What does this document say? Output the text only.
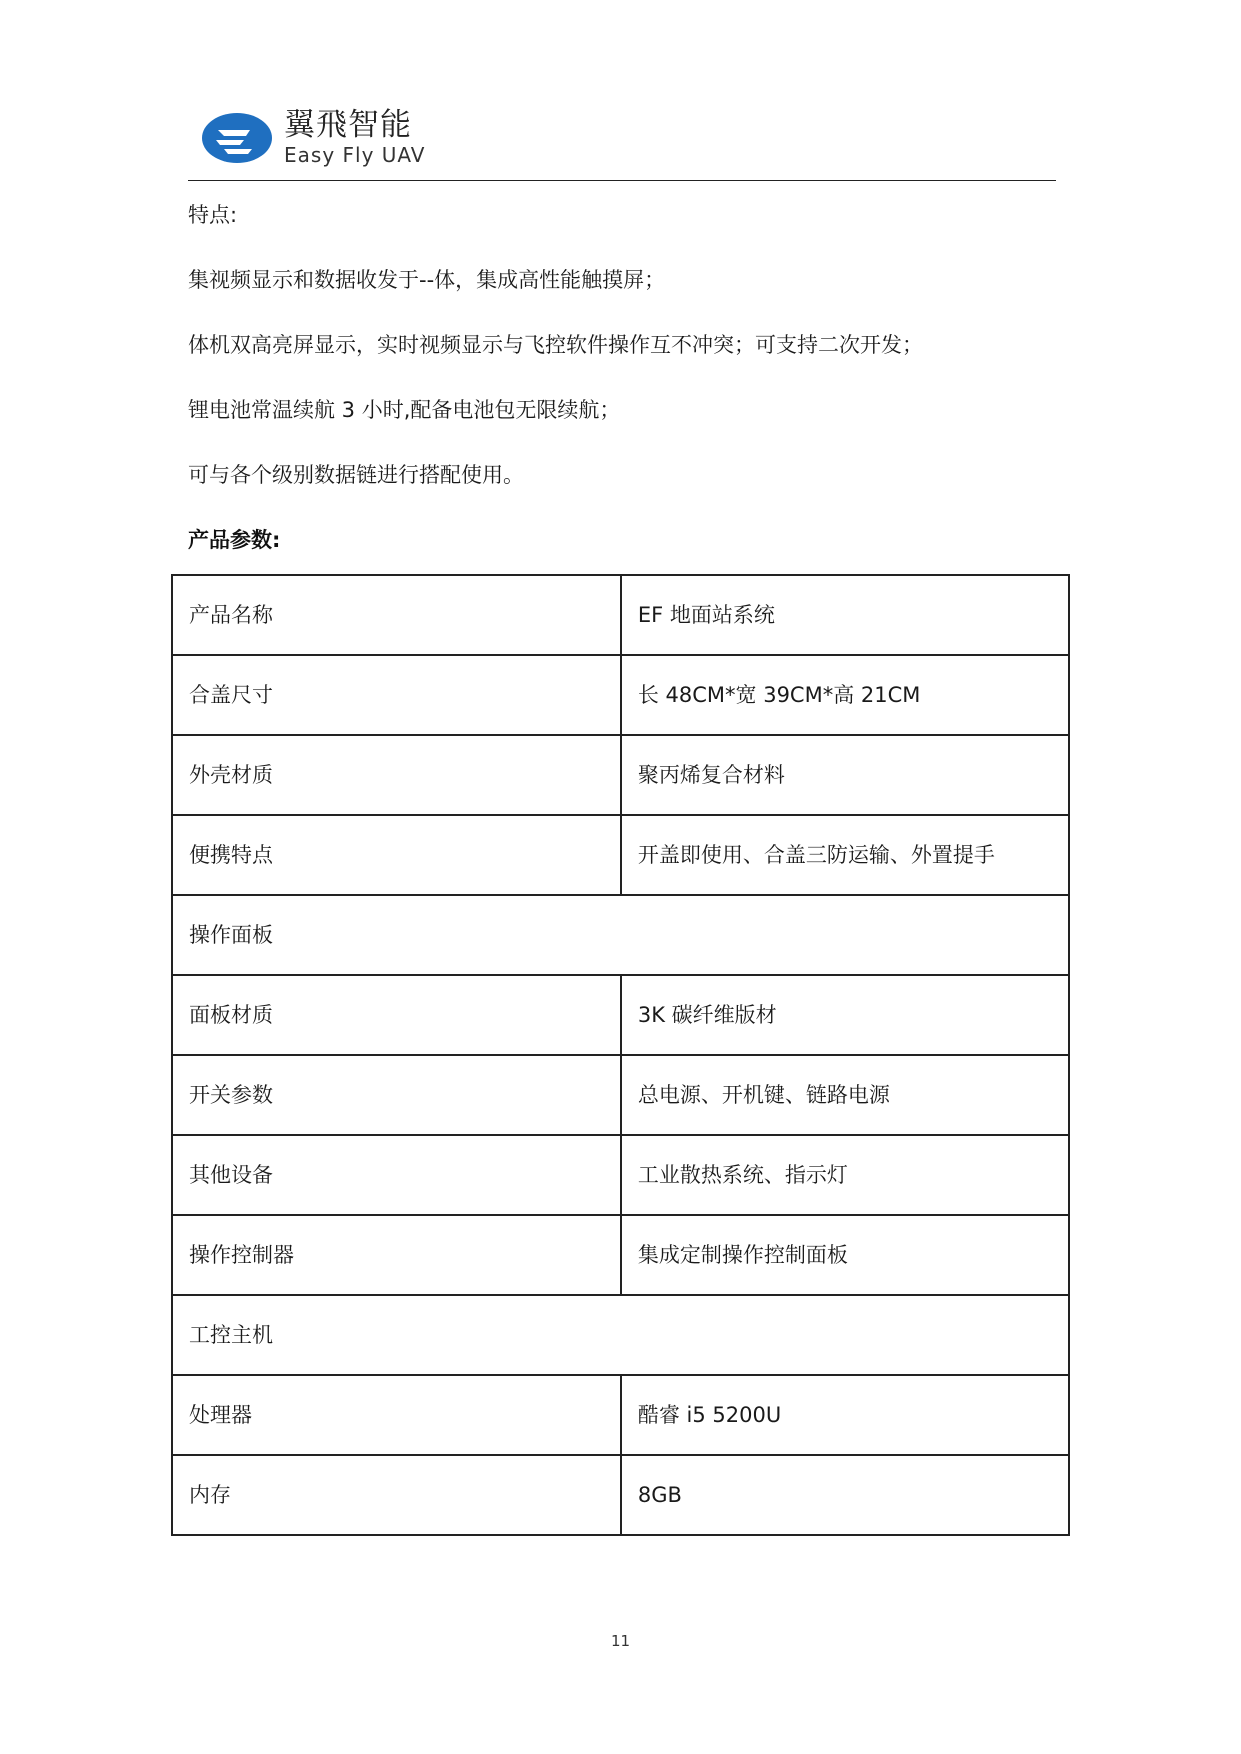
翼飛智能
Easy Fly UAV
特点:
集视频显示和数据收发于--体，集成高性能触摸屏；
体机双高亮屏显示，实时视频显示与飞控软件操作互不冲突；可支持二次开发；
锂电池常温续航 3 小时,配备电池包无限续航；
可与各个级别数据链进行搭配使用。
产品参数:
产品名称	EF 地面站系统
合盖尺寸	长 48CM*宽 39CM*高 21CM
外壳材质	聚丙烯复合材料
便携特点	开盖即使用、合盖三防运输、外置提手
操作面板	
面板材质	3K 碳纤维版材
开关参数	总电源、开机键、链路电源
其他设备	工业散热系统、指示灯
操作控制器	集成定制操作控制面板
工控主机	
处理器	酷睿 i5 5200U
内存	8GB
11
